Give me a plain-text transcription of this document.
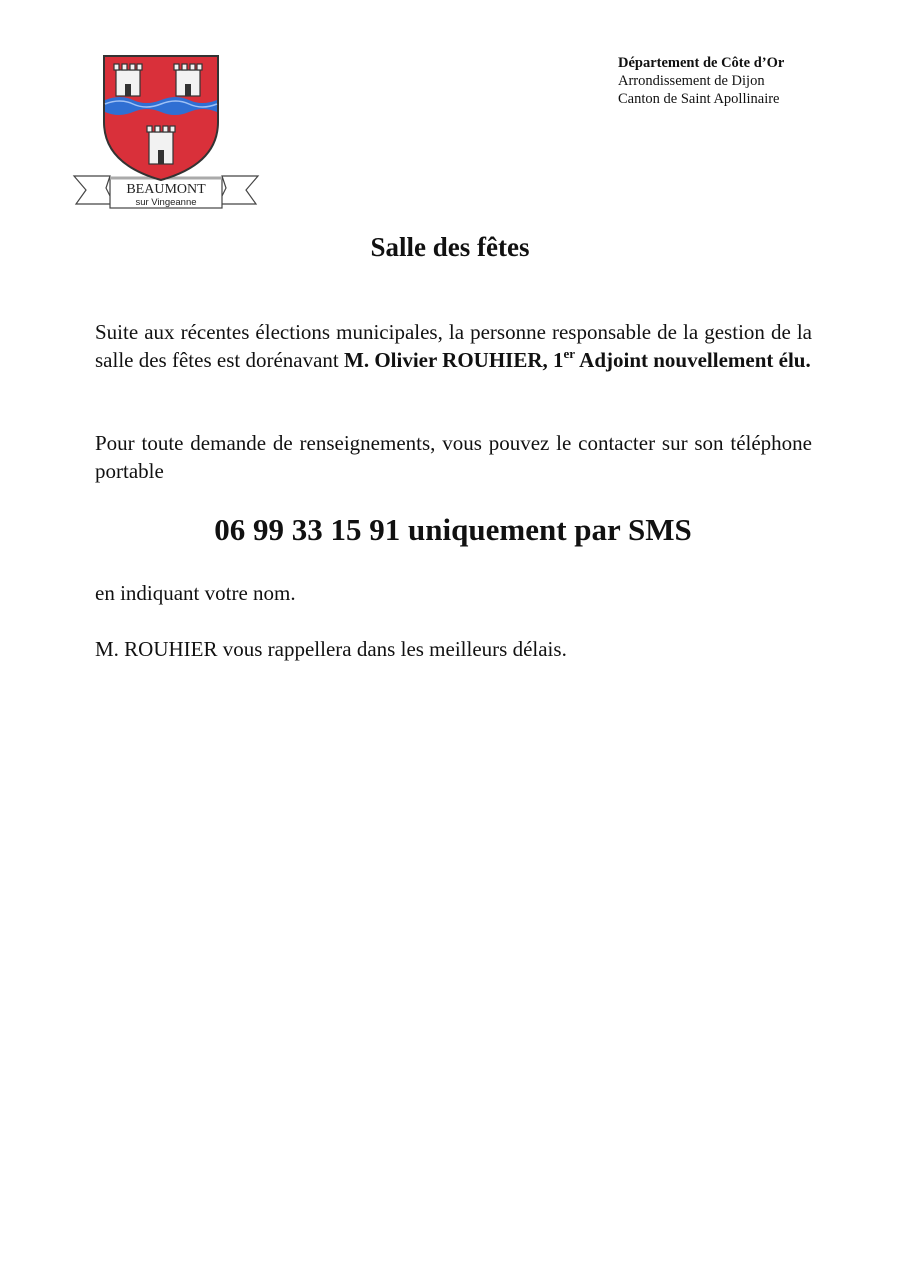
BEAUMONT
sur Vingeanne
Département de Côte d’Or
Arrondissement de Dijon
Canton de Saint Apollinaire
Salle des fêtes
Suite aux récentes élections municipales, la personne responsable de la gestion de la salle des fêtes est dorénavant M. Olivier ROUHIER, 1er Adjoint nouvellement élu.
Pour toute demande de renseignements, vous pouvez le contacter sur son téléphone portable
06 99 33 15 91 uniquement par SMS
en indiquant votre nom.
M. ROUHIER vous rappellera dans les meilleurs délais.
